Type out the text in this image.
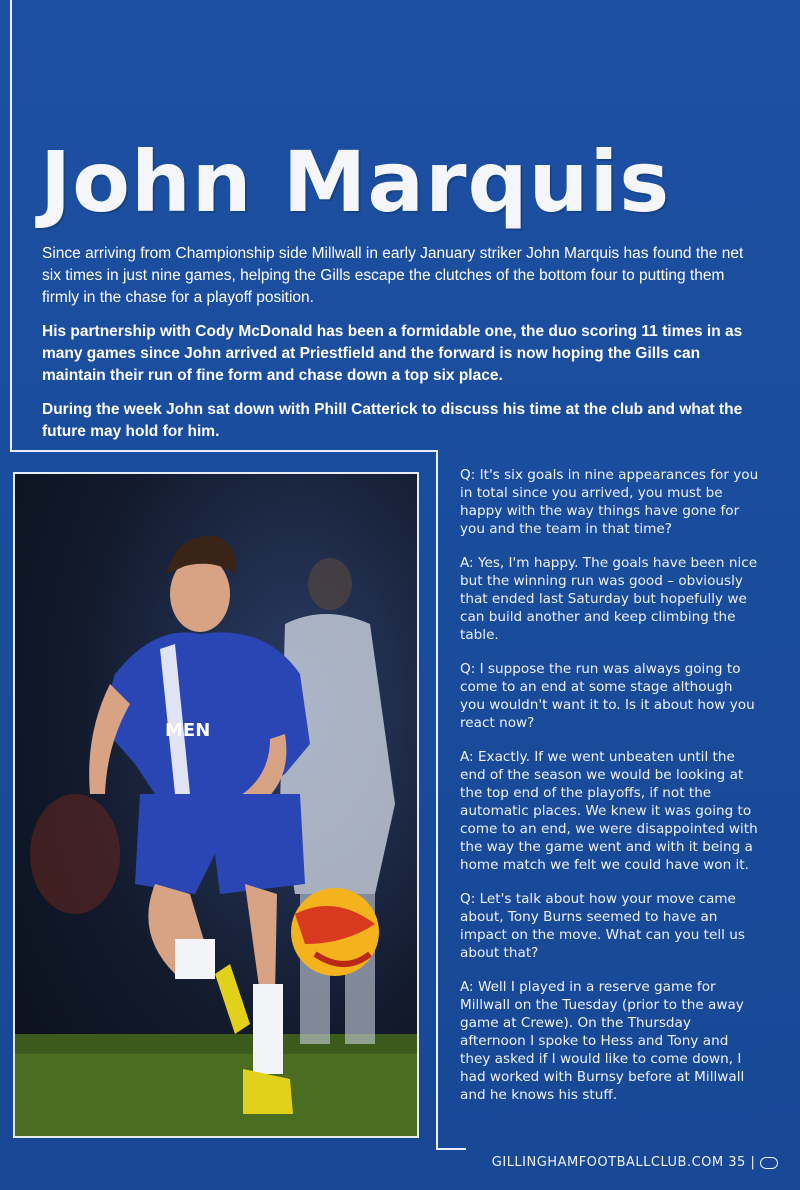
John Marquis

Since arriving from Championship side Millwall in early January striker John Marquis has found the net six times in just nine games, helping the Gills escape the clutches of the bottom four to putting them firmly in the chase for a playoff position.

His partnership with Cody McDonald has been a formidable one, the duo scoring 11 times in as many games since John arrived at Priestfield and the forward is now hoping the Gills can maintain their run of fine form and chase down a top six place.

During the week John sat down with Phill Catterick to discuss his time at the club and what the future may hold for him.

MEN

Q: It's six goals in nine appearances for you in total since you arrived, you must be happy with the way things have gone for you and the team in that time?

A: Yes, I'm happy. The goals have been nice but the winning run was good – obviously that ended last Saturday but hopefully we can build another and keep climbing the table.

Q: I suppose the run was always going to come to an end at some stage although you wouldn't want it to. Is it about how you react now?

A: Exactly. If we went unbeaten until the end of the season we would be looking at the top end of the playoffs, if not the automatic places. We knew it was going to come to an end, we were disappointed with the way the game went and with it being a home match we felt we could have won it.

Q: Let's talk about how your move came about, Tony Burns seemed to have an impact on the move. What can you tell us about that?

A: Well I played in a reserve game for Millwall on the Tuesday (prior to the away game at Crewe). On the Thursday afternoon I spoke to Hess and Tony and they asked if I would like to come down, I had worked with Burnsy before at Millwall and he knows his stuff.

GILLINGHAMFOOTBALLCLUB.COM 35 |
